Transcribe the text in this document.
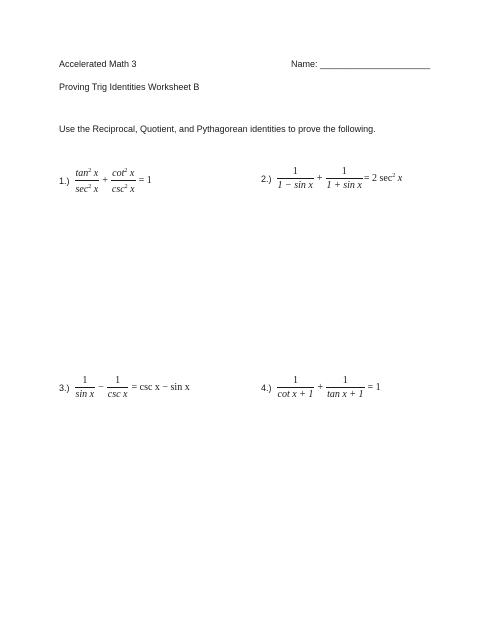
Accelerated Math 3	Name: ______________________
Proving Trig Identities Worksheet B
Use the Reciprocal, Quotient, and Pythagorean identities to prove the following.
$1.) \frac{\tan^2 x}{\sec^2 x} + \frac{\cot^2 x}{\csc^2 x} = 1$	$2.) \frac{1}{\text{1 − sin x}} + \frac{1}{\text{1 + sin x}} = 2$ $\sec^2 x$
$3.) \frac{1}{\text{sin x}} - \frac{1}{\text{csc x}} = \csc x - \sin x$	$4.) \frac{1}{\text{cot x + 1}} + \frac{1}{\text{tan x + 1}} = 1$
